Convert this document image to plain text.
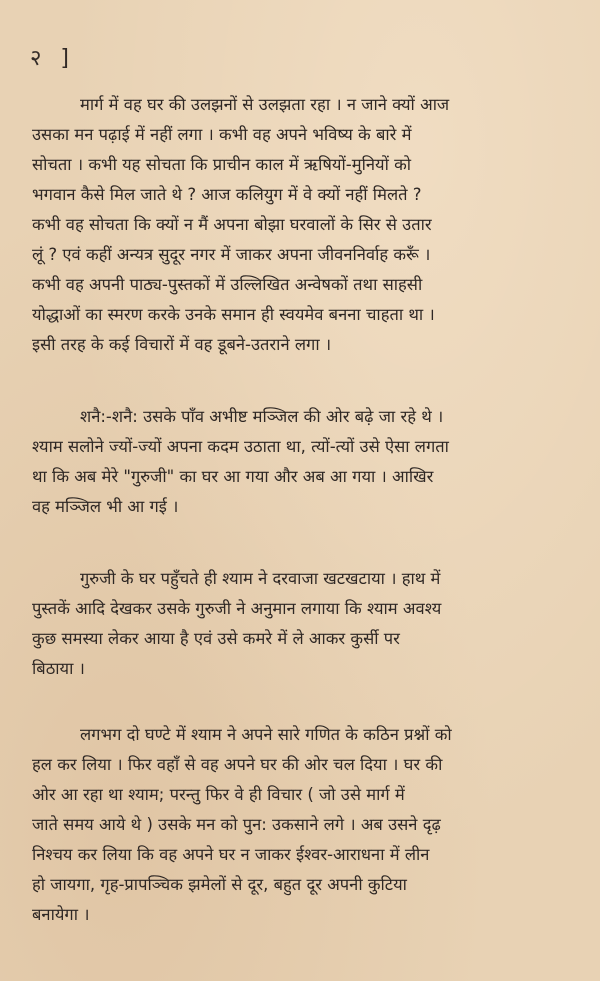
२ ]
मार्ग में वह घर की उलझनों से उलझता रहा । न जाने क्यों आज
उसका मन पढ़ाई में नहीं लगा । कभी वह अपने भविष्य के बारे में
सोचता । कभी यह सोचता कि प्राचीन काल में ऋषियों-मुनियों को
भगवान कैसे मिल जाते थे ? आज कलियुग में वे क्यों नहीं मिलते ?
कभी वह सोचता कि क्यों न मैं अपना बोझा घरवालों के सिर से उतार
लूं ? एवं कहीं अन्यत्र सुदूर नगर में जाकर अपना जीवननिर्वाह करूँ ।
कभी वह अपनी पाठ्य-पुस्तकों में उल्लिखित अन्वेषकों तथा साहसी
योद्धाओं का स्मरण करके उनके समान ही स्वयमेव बनना चाहता था ।
इसी तरह के कई विचारों में वह डूबने-उतराने लगा ।
शनै:-शनै: उसके पाँव अभीष्ट मञ्जिल की ओर बढ़े जा रहे थे ।
श्याम सलोने ज्यों-ज्यों अपना कदम उठाता था, त्यों-त्यों उसे ऐसा लगता
था कि अब मेरे "गुरुजी" का घर आ गया और अब आ गया । आखिर
वह मञ्जिल भी आ गई ।
गुरुजी के घर पहुँचते ही श्याम ने दरवाजा खटखटाया । हाथ में
पुस्तकें आदि देखकर उसके गुरुजी ने अनुमान लगाया कि श्याम अवश्य
कुछ समस्या लेकर आया है एवं उसे कमरे में ले आकर कुर्सी पर
बिठाया ।
लगभग दो घण्टे में श्याम ने अपने सारे गणित के कठिन प्रश्नों को
हल कर लिया । फिर वहाँ से वह अपने घर की ओर चल दिया । घर की
ओर आ रहा था श्याम; परन्तु फिर वे ही विचार ( जो उसे मार्ग में
जाते समय आये थे ) उसके मन को पुन: उकसाने लगे । अब उसने दृढ़
निश्चय कर लिया कि वह अपने घर न जाकर ईश्वर-आराधना में लीन
हो जायगा, गृह-प्रापञ्चिक झमेलों से दूर, बहुत दूर अपनी कुटिया
बनायेगा ।
